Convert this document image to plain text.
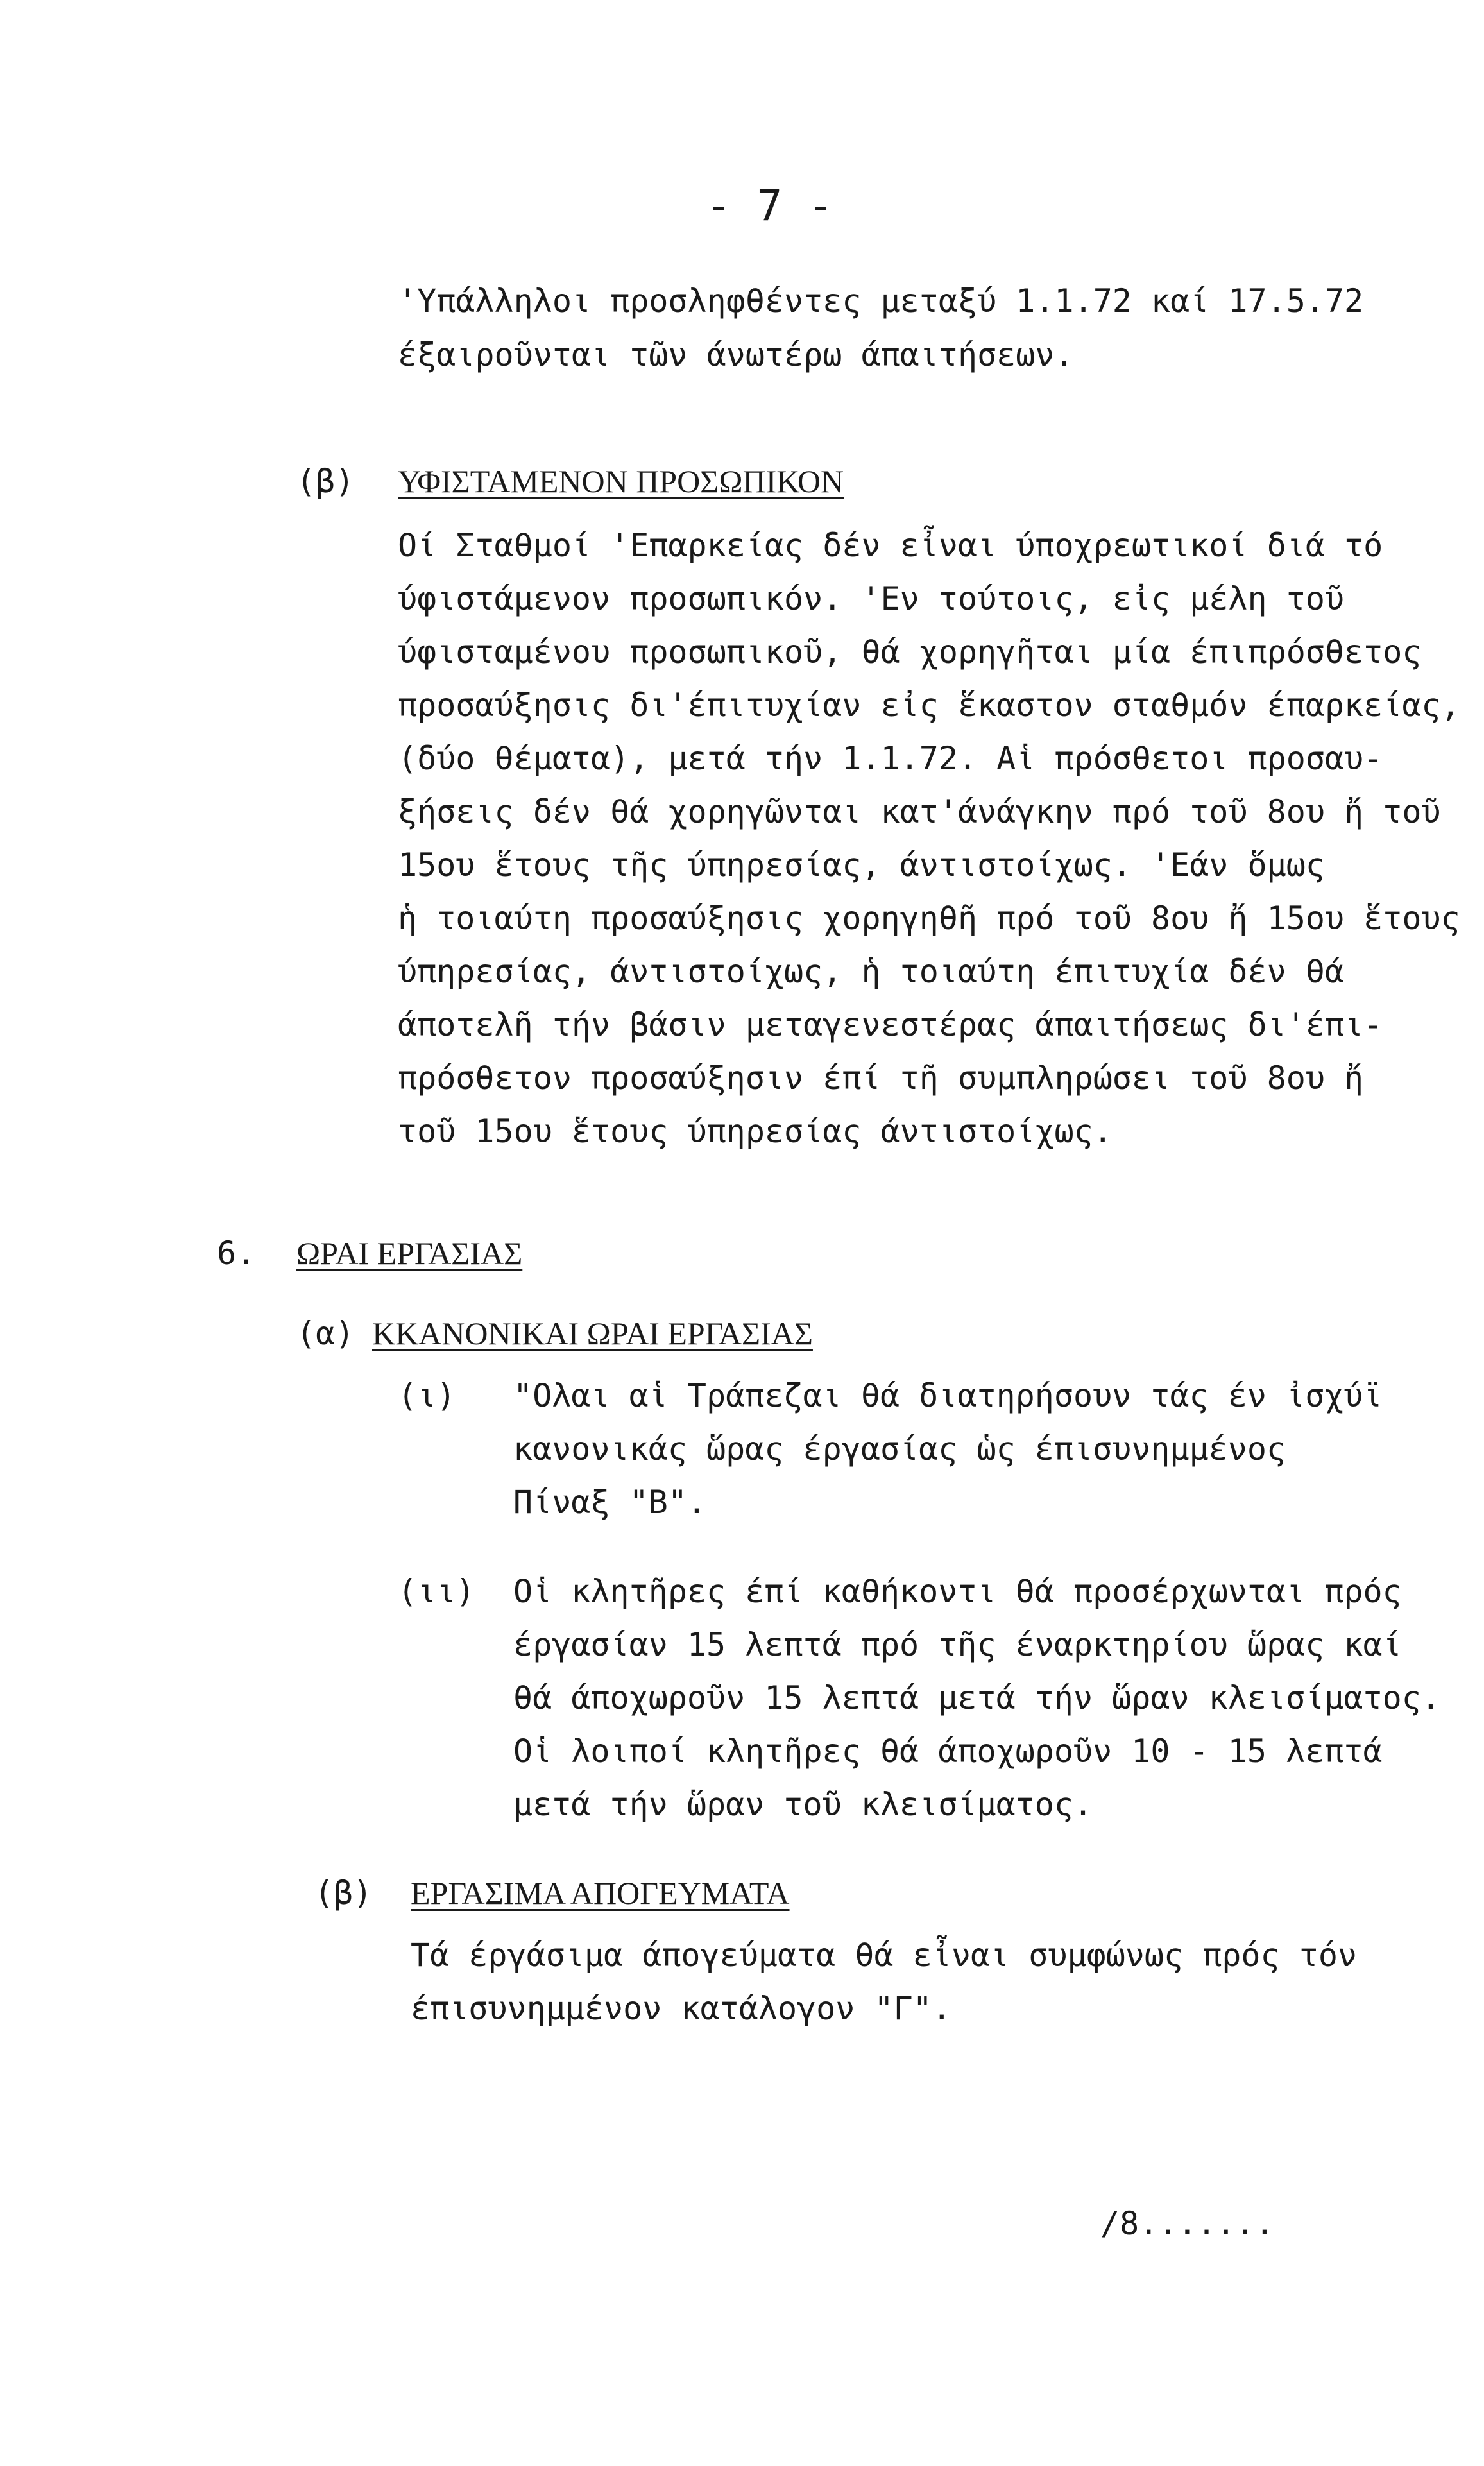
- 7 -
'Υπάλληλοι προσληφθέντες μεταξύ 1.1.72 καί 17.5.72
έξαιροῦνται τῶν άνωτέρω άπαιτήσεων.
(β) ΥΦΙΣΤΑΜΕΝΟΝ ΠΡΟΣΩΠΙΚΟΝ
Οί Σταθμοί 'Επαρκείας δέν εἶναι ύποχρεωτικοί διά τό
ύφιστάμενον προσωπικόν. 'Εν τούτοις, εἰς μέλη τοῦ
ύφισταμένου προσωπικοῦ, θά χορηγῆται μία έπιπρόσθετος
προσαύξησις δι'έπιτυχίαν εἰς ἕκαστον σταθμόν έπαρκείας,
(δύο θέματα), μετά τήν 1.1.72. Αἱ πρόσθετοι προσαυ-
ξήσεις δέν θά χορηγῶνται κατ'άνάγκην πρό τοῦ 8ου ἤ τοῦ
15ου ἕτους τῆς ύπηρεσίας, άντιστοίχως. 'Εάν ὅμως
ἡ τοιαύτη προσαύξησις χορηγηθῆ πρό τοῦ 8ου ἤ 15ου ἕτους
ύπηρεσίας, άντιστοίχως, ἡ τοιαύτη έπιτυχία δέν θά
άποτελῆ τήν βάσιν μεταγενεστέρας άπαιτήσεως δι'έπι-
πρόσθετον προσαύξησιν έπί τῆ συμπληρώσει τοῦ 8ου ἤ
τοῦ 15ου ἕτους ύπηρεσίας άντιστοίχως.
6. ΩΡΑΙ ΕΡΓΑΣΙΑΣ
(α) ΚΚΑΝΟΝΙΚΑΙ ΩΡΑΙ ΕΡΓΑΣΙΑΣ
(ι) "Ολαι αἱ Τράπεζαι θά διατηρήσουν τάς έν ἰσχύϊ
κανονικάς ὥρας έργασίας ὡς έπισυνημμένος
Πίναξ "Β".
(ιι) Οἱ κλητῆρες έπί καθήκοντι θά προσέρχωνται πρός
έργασίαν 15 λεπτά πρό τῆς έναρκτηρίου ὥρας καί
θά άποχωροῦν 15 λεπτά μετά τήν ὥραν κλεισίματος.
Οἱ λοιποί κλητῆρες θά άποχωροῦν 10 - 15 λεπτά
μετά τήν ὥραν τοῦ κλεισίματος.
(β) ΕΡΓΑΣΙΜΑ ΑΠΟΓΕΥΜΑΤΑ
Τά έργάσιμα άπογεύματα θά εἶναι συμφώνως πρός τόν
έπισυνημμένον κατάλογον "Γ".
/8.......
